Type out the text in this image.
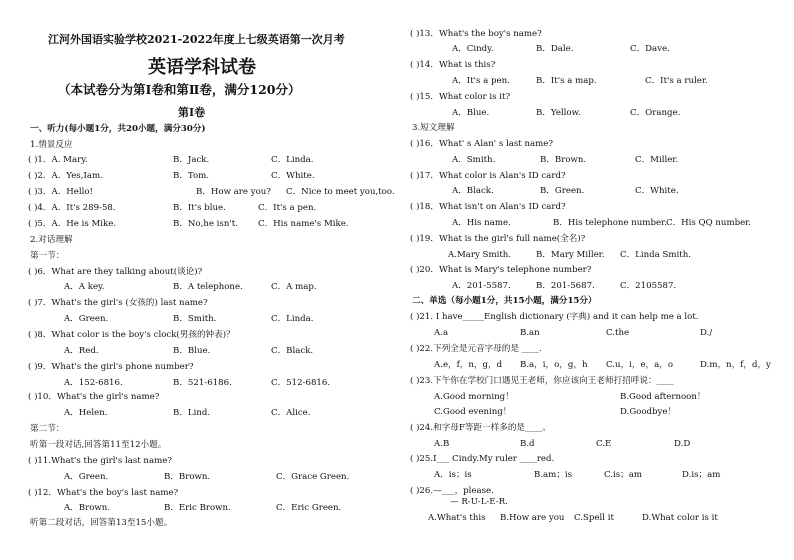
江河外国语实验学校2021-2022年度上七级英语第一次月考
英语学科试卷
（本试卷分为第Ⅰ卷和第Ⅱ卷，满分120分）
第Ⅰ卷
一、听力(每小题1分，共20小题，满分30分)
1.情景反应
( )1．A. Mary.	B．Jack.	C．Linda.
( )2．A．Yes,Iam.	B．Tom.	C．White.
( )3．A．Hello!	B．How are you? C．Nice to meet you,too.
( )4．A．It's 289-58．	B．It's blue.	C．It's a pen.
( )5．A．He is Mike.	B．No,he isn't. C．His name's Mike.
2.对话理解
第一节：
( )6．What are they talking about(谈论)?
A．A key.	B．A telephone.	C．A map.
( )7．What's the girl's (女孩的) last name?
A．Green.	B．Smith.	C．Linda.
( )8．What color is the boy's clock(男孩的钟表)？
A．Red.	B．Blue.	C．Black.
( )9．What's the girl's phone number?
A．152-6816.	B．521-6186.	C．512-6816.
( )10．What's the girl's name?
A．Helen.	B．Lind.	C．Alice.
第二节：
听第一段对话,回答第11至12小题。
( )11.What's the girl's last name?
A．Green.	B．Brown.	C．Grace Green.
( )12．What's the boy's last name?
A．Brown.	B．Eric Brown.	C．Eric Green.
听第二段对话，回答第13至15小题。
( )13．What's the boy's name?
A．Cindy.	B．Dale.	C．Dave.
( )14．What is this?
A．It's a pen.	B．It's a map.	C．It's a ruler.
( )15．What color is it?
A．Blue.	B．Yellow.	C．Orange.
3.短文理解
( )16．What' s Alan' s last name?
A．Smith.	B．Brown.	C．Miller.
( )17．What color is Alan's ID card?
A．Black.	B．Green.	C．White.
( )18．What isn't on Alan's ID card?
A．His name.	B．His telephone number. C．His QQ number.
( )19．What is the girl's full name(全名)?
A.Mary Smith.	B．Mary Miller. C．Linda Smith.
( )20．What is Mary's telephone number?
A．201-5587.	B．201-5687.	C．2105587.
二、单选（每小题1分，共15小题，满分15分）
( )21. I have_____English dictionary (字典) and it can help me a lot.
A.a	B.an	C.the	D./
( )22.下列全是元音字母的是 ____.
A.e，f，n，g，d B.a，i，o，g，h C.u，i，e，a，o	D.m，n，f，d，y
( )23.下午你在学校门口遇见王老师，你应该向王老师打招呼说：____
A.Good morning！	B.Good afternoon！
C.Good evening！	D.Goodbye！
( )24.和字母F等距一样多的是____。
A.B	B.d	C.E	D.D
( )25.I___ Cindy.My ruler ____red.
A．is；is	B.am；is	C.is；am	D.is；am
( )26.—___，please.
— R-U-L-E-R.
A.What's this B.How are you C.Spell it	D.What color is it
